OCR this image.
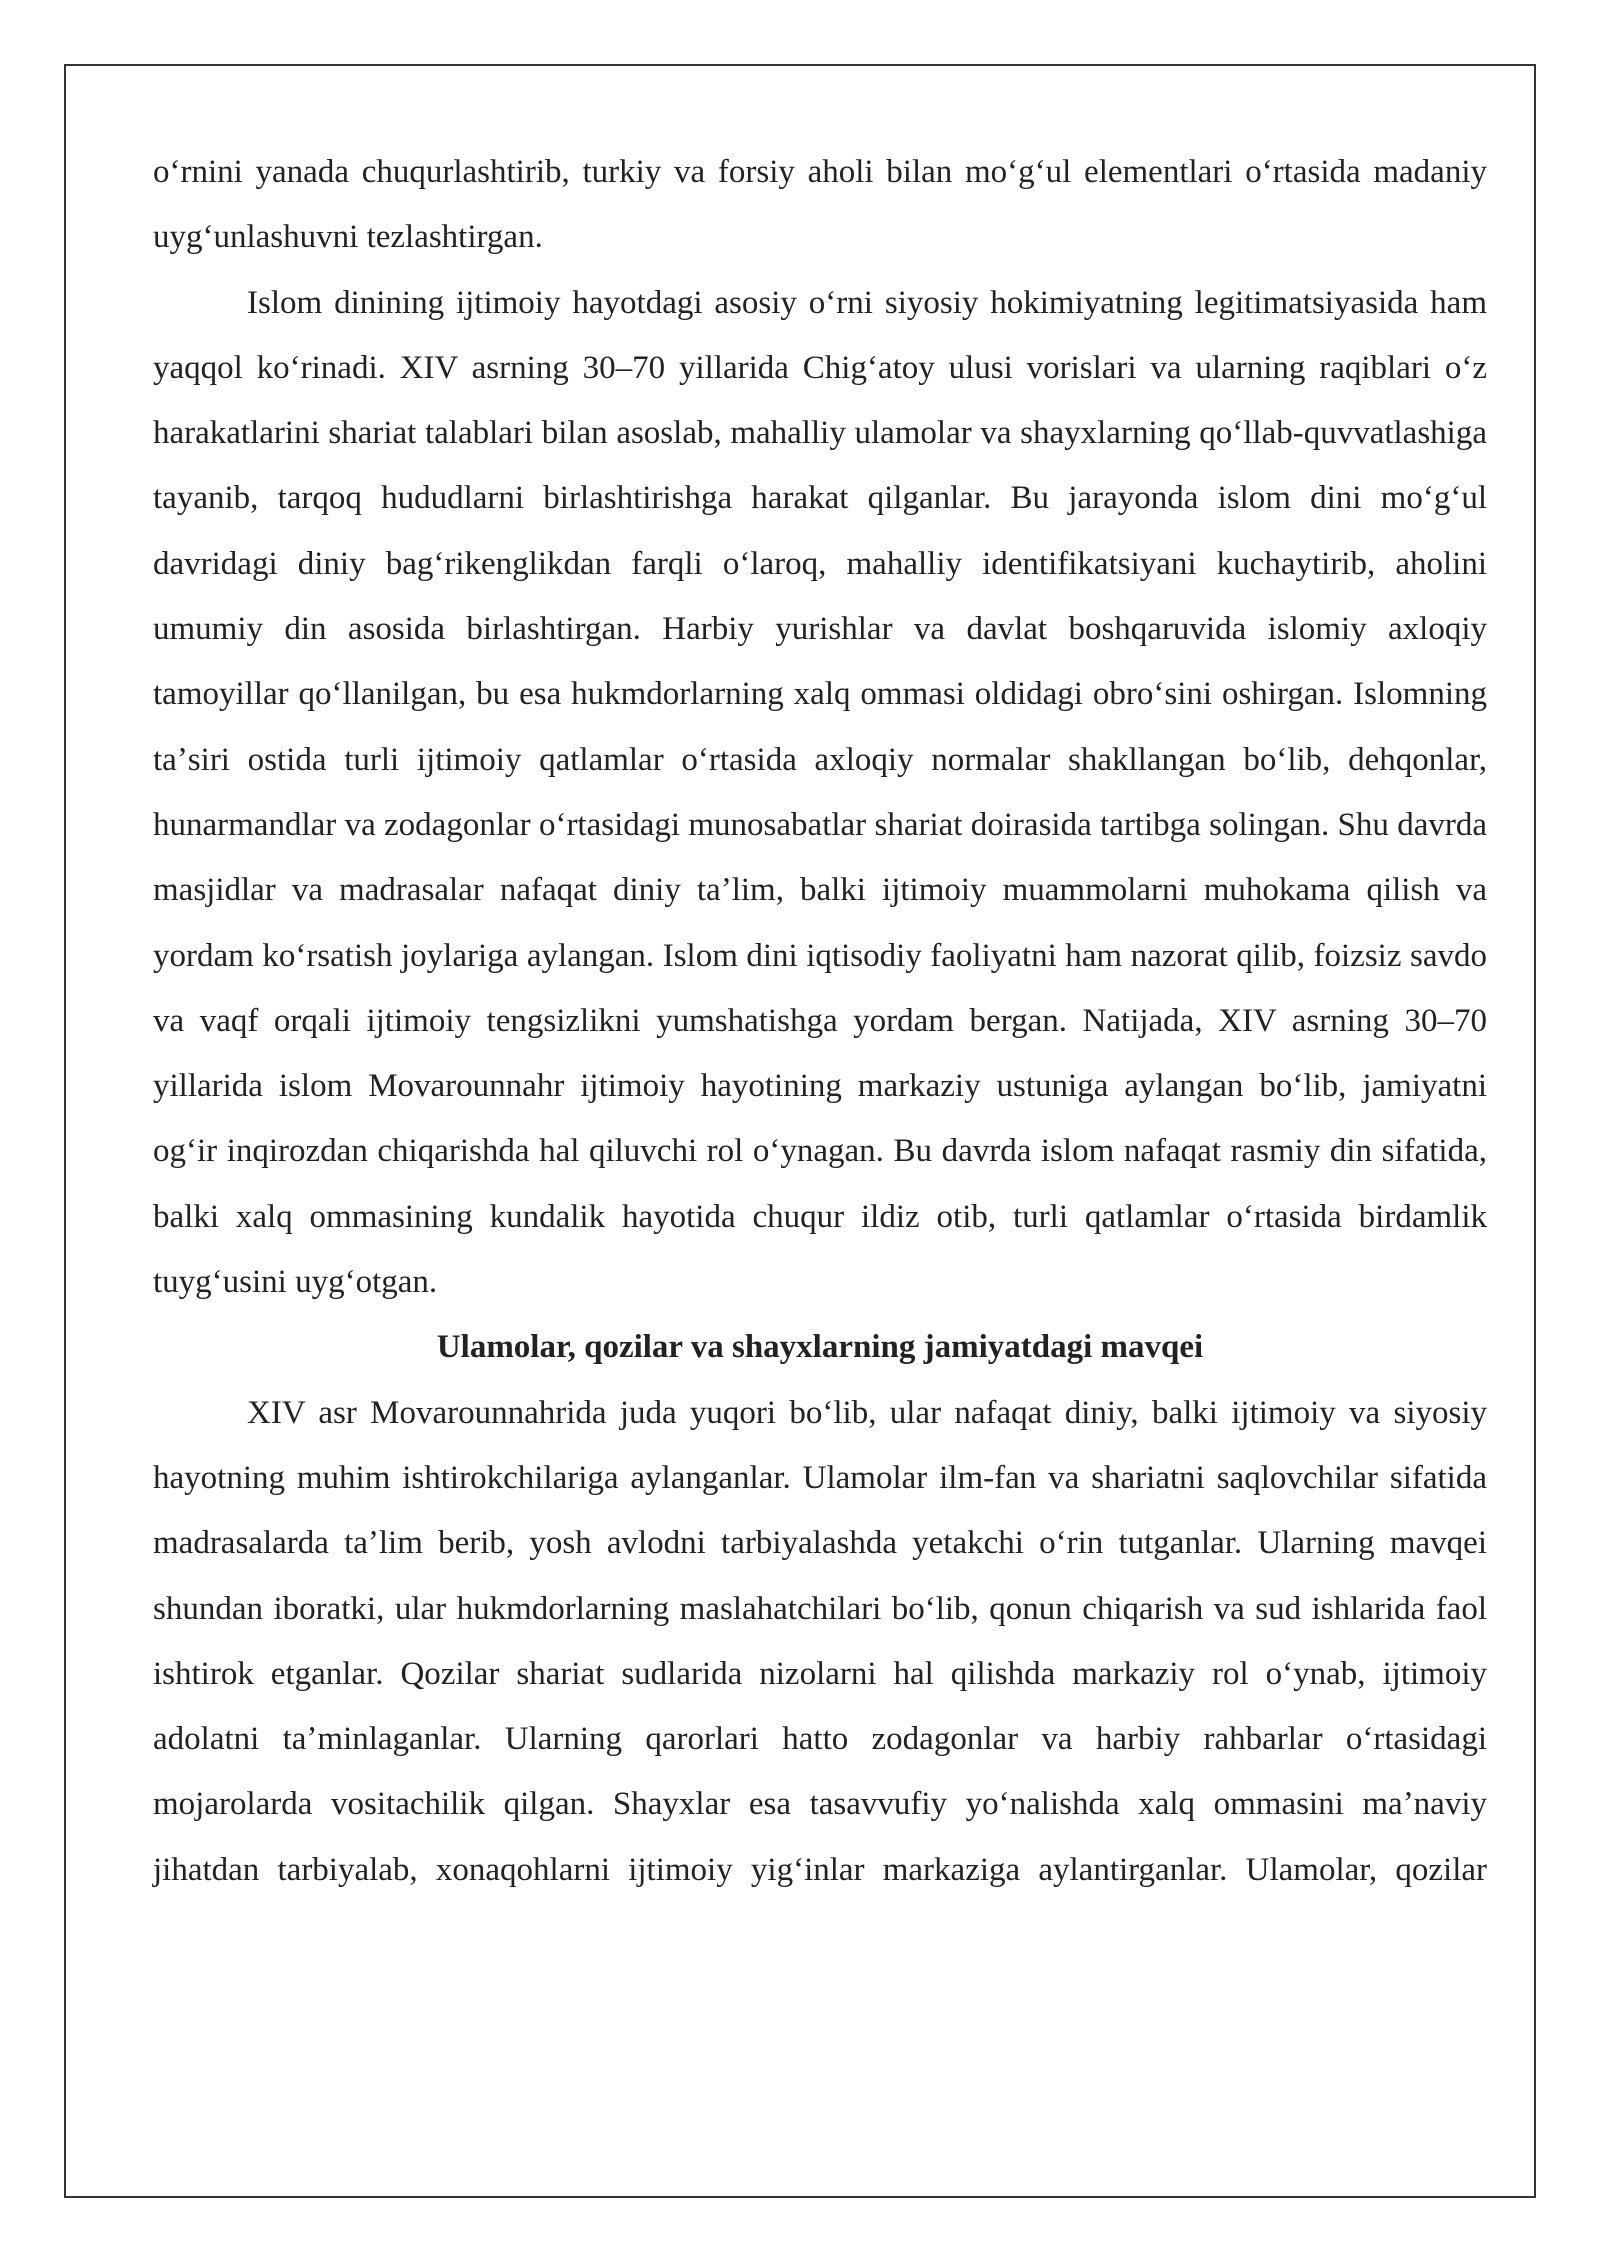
oʻrnini yanada chuqurlashtirib, turkiy va forsiy aholi bilan moʻgʻul elementlari oʻrtasida madaniy uygʻunlashuvni tezlashtirgan.

Islom dinining ijtimoiy hayotdagi asosiy oʻrni siyosiy hokimiyatning legitimatsiyasida ham yaqqol koʻrinadi. XIV asrning 30–70 yillarida Chigʻatoy ulusi vorislari va ularning raqiblari oʻz harakatlarini shariat talablari bilan asoslab, mahalliy ulamolar va shayxlarning qoʻllab-quvvatlashiga tayanib, tarqoq hududlarni birlashtirishga harakat qilganlar. Bu jarayonda islom dini moʻgʻul davridagi diniy bagʻrikenglikdan farqli oʻlaroq, mahalliy identifikatsiyani kuchaytirib, aholini umumiy din asosida birlashtirgan. Harbiy yurishlar va davlat boshqaruvida islomiy axloqiy tamoyillar qoʻllanilgan, bu esa hukmdorlarning xalq ommasi oldidagi obroʻsini oshirgan. Islomning taʼsiri ostida turli ijtimoiy qatlamlar oʻrtasida axloqiy normalar shakllangan boʻlib, dehqonlar, hunarmandlar va zodagonlar oʻrtasidagi munosabatlar shariat doirasida tartibga solingan. Shu davrda masjidlar va madrasalar nafaqat diniy taʼlim, balki ijtimoiy muammolarni muhokama qilish va yordam koʻrsatish joylariga aylangan. Islom dini iqtisodiy faoliyatni ham nazorat qilib, foizsiz savdo va vaqf orqali ijtimoiy tengsizlikni yumshatishga yordam bergan. Natijada, XIV asrning 30–70 yillarida islom Movarounnahr ijtimoiy hayotining markaziy ustuniga aylangan boʻlib, jamiyatni ogʻir inqirozdan chiqarishda hal qiluvchi rol oʻynagan. Bu davrda islom nafaqat rasmiy din sifatida, balki xalq ommasining kundalik hayotida chuqur ildiz otib, turli qatlamlar oʻrtasida birdamlik tuygʻusini uygʻotgan.

Ulamolar, qozilar va shayxlarning jamiyatdagi mavqei

XIV asr Movarounnahrida juda yuqori boʻlib, ular nafaqat diniy, balki ijtimoiy va siyosiy hayotning muhim ishtirokchilariga aylanganlar. Ulamolar ilm-fan va shariatni saqlovchilar sifatida madrasalarda taʼlim berib, yosh avlodni tarbiyalashda yetakchi oʻrin tutganlar. Ularning mavqei shundan iboratki, ular hukmdorlarning maslahatchilari boʻlib, qonun chiqarish va sud ishlarida faol ishtirok etganlar. Qozilar shariat sudlarida nizolarni hal qilishda markaziy rol oʻynab, ijtimoiy adolatni taʼminlaganlar. Ularning qarorlari hatto zodagonlar va harbiy rahbarlar oʻrtasidagi mojarolarda vositachilik qilgan. Shayxlar esa tasavvufiy yoʻnalishda xalq ommasini maʼnaviy jihatdan tarbiyalab, xonaqohlarni ijtimoiy yigʻinlar markaziga aylantirganlar. Ulamolar, qozilar
